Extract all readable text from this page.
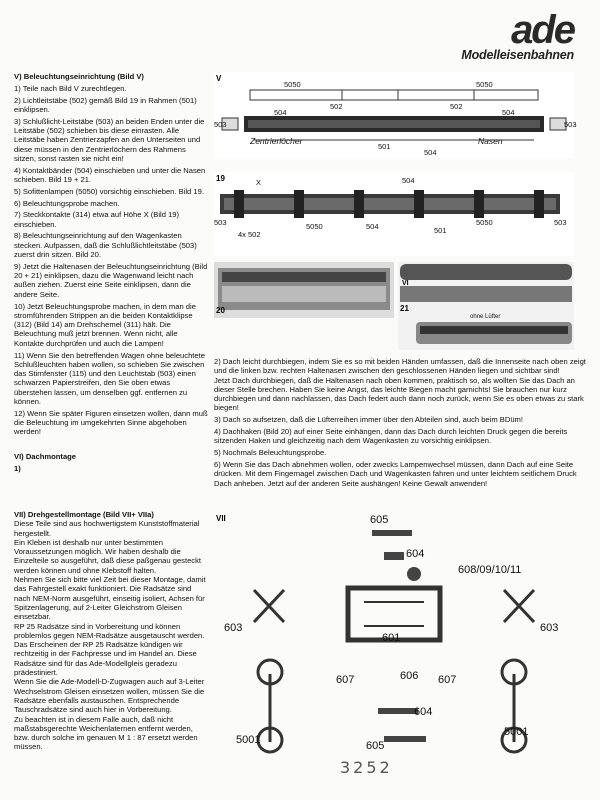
ade
Modelleisenbahnen

V) Beleuchtungseinrichtung (Bild V)

1) Teile nach Bild V zurechtlegen.

2) Lichtleitstäbe (502) gemäß Bild 19 in Rahmen (501) einklipsen.

3) Schlußlicht-Leitstäbe (503) an beiden Enden unter die Leitstäbe (502) schieben bis diese einrasten. Alle Leitstäbe haben Zentrierzapfen an den Unterseiten und diese müssen in den Zentrierlöchern des Rahmens sitzen, sonst rasten sie nicht ein!

4) Kontaktbänder (504) einschieben und unter die Nasen schieben. Bild 19 + 21.

5) Sofittenlampen (5050) vorsichtig einschieben. Bild 19.

6) Beleuchtungsprobe machen.

7) Steckkontakte (314) etwa auf Höhe X (Bild 19) einschieben.

8) Beleuchtungseinrichtung auf den Wagenkasten stecken. Aufpassen, daß die Schlußlichtleitstäbe (503) zuerst drin sitzen. Bild 20.

9) Jetzt die Haltenasen der Beleuchtungseinrichtung (Bild 20 + 21) einklipsen, dazu die Wagenwand leicht nach außen ziehen. Zuerst eine Seite einklipsen, dann die andere Seite.

10) Jetzt Beleuchtungsprobe machen, in dem man die stromführenden Strippen an die beiden Kontaktklipse (312) (Bild 14) am Drehschemel (311) hält. Die Beleuchtung muß jetzt brennen. Wenn nicht, alle Kontakte durchprüfen und auch die Lampen!

11) Wenn Sie den betreffenden Wagen ohne beleuchtete Schlußleuchten haben wollen, so schieben Sie zwischen das Stirnfenster (115) und den Leuchtstab (503) einen schwarzen Papierstreifen, den Sie oben etwas überstehen lassen, um denselben ggf. entfernen zu können.

12) Wenn Sie später Figuren einsetzen wollen, dann muß die Beleuchtung im umgekehrten Sinne abgehoben werden!

VI) Dachmontage

1)

VII) Drehgestellmontage (Bild VII+ VIIa)

Diese Teile sind aus hochwertigstem Kunststoffmaterial hergestellt.

Ein Kleben ist deshalb nur unter bestimmten Voraussetzungen möglich. Wir haben deshalb die Einzelteile so ausgeführt, daß diese paßgenau gesteckt werden können und ohne Klebstoff halten.

Nehmen Sie sich bitte viel Zeit bei dieser Montage, damit das Fahrgestell exakt funktioniert. Die Radsätze sind nach NEM-Norm ausgeführt, einseitig isoliert, Achsen für Spitzenlagerung, auf 2-Leiter Gleichstrom Gleisen einsetzbar.

RP 25 Radsätze sind in Vorbereitung und können problemlos gegen NEM-Radsätze ausgetauscht werden. Das Erscheinen der RP 25 Radsätze kündigen wir rechtzeitig in der Fachpresse und im Handel an. Diese Radsätze sind für das Ade-Modellgleis geradezu prädestiniert.

Wenn Sie die Ade-Modell-D-Zugwagen auch auf 3-Leiter Wechselstrom Gleisen einsetzen wollen, müssen Sie die Radsätze ebenfalls austauschen. Entsprechende Tauschradsätze sind auch hier in Vorbereitung.

Zu beachten ist in diesem Falle auch, daß nicht maßstabsgerechte Weichenlaternen entfernt werden, bzw. durch solche im genauen M 1 : 87 ersetzt werden müssen.

2) Dach leicht durchbiegen, indem Sie es so mit beiden Händen umfassen, daß die Innenseite nach oben zeigt und die linken bzw. rechten Haltenasen zwischen den geschlossenen Händen liegen und sichtbar sind!

Jetzt Dach durchbiegen, daß die Haltenasen nach oben kommen, praktisch so, als wollten Sie das Dach an dieser Stelle brechen. Haben Sie keine Angst, das leichte Biegen macht garnichts! Sie brauchen nur kurz durchbiegen und dann nachlassen, das Dach federt auch dann noch zurück, wenn Sie es oben etwas zu stark biegen!

3) Dach so aufsetzen, daß die Lüfterreihen immer über den Abteilen sind, auch beim BDüm!

4) Dachhaken (Bild 20) auf einer Seite einhängen, dann das Dach durch leichten Druck gegen die bereits sitzenden Haken und gleichzeitig nach dem Wagenkasten zu vorsichtig einklipsen.

5) Nochmals Beleuchtungsprobe.

6) Wenn Sie das Dach abnehmen wollen, oder zwecks Lampenwechsel müssen, dann Dach auf eine Seite drücken. Mit dem Fingernagel zwischen Dach und Wagenkasten fahren und unter leichtem seitlichem Druck Dach anheben. Jetzt auf der anderen Seite aushängen! Keine Gewalt anwenden!

V
503
5050
502	502
5050
503
504
501
504
504
Zentrierlöcher	Nasen
19	X	504
503
4x 502
5050	504	501
5050	503
20	21
VI
ohne Lüfter
VII	605
604
608/09/10/11
603
601
603
607	606 607
604
5001
5001
605
3252
